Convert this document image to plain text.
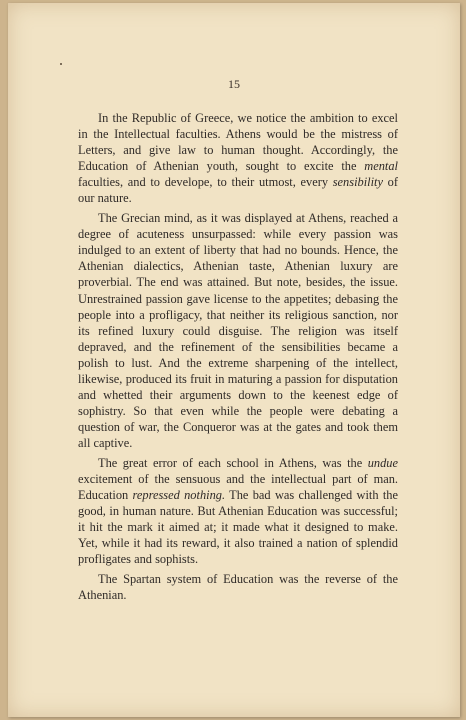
15

In the Republic of Greece, we notice the ambition to excel in the Intellectual faculties. Athens would be the mistress of Letters, and give law to human thought. Accordingly, the Education of Athenian youth, sought to excite the mental faculties, and to develope, to their utmost, every sensibility of our nature.

The Grecian mind, as it was displayed at Athens, reached a degree of acuteness unsurpassed: while every passion was indulged to an extent of liberty that had no bounds. Hence, the Athenian dialectics, Athenian taste, Athenian luxury are proverbial. The end was attained. But note, besides, the issue. Unrestrained passion gave license to the appetites; debasing the people into a profligacy, that neither its religious sanction, nor its refined luxury could disguise. The religion was itself depraved, and the refinement of the sensibilities became a polish to lust. And the extreme sharpening of the intellect, likewise, produced its fruit in maturing a passion for disputation and whetted their arguments down to the keenest edge of sophistry. So that even while the people were debating a question of war, the Conqueror was at the gates and took them all captive.

The great error of each school in Athens, was the undue excitement of the sensuous and the intellectual part of man. Education repressed nothing. The bad was challenged with the good, in human nature. But Athenian Education was successful; it hit the mark it aimed at; it made what it designed to make. Yet, while it had its reward, it also trained a nation of splendid profligates and sophists.

The Spartan system of Education was the reverse of the Athenian.
